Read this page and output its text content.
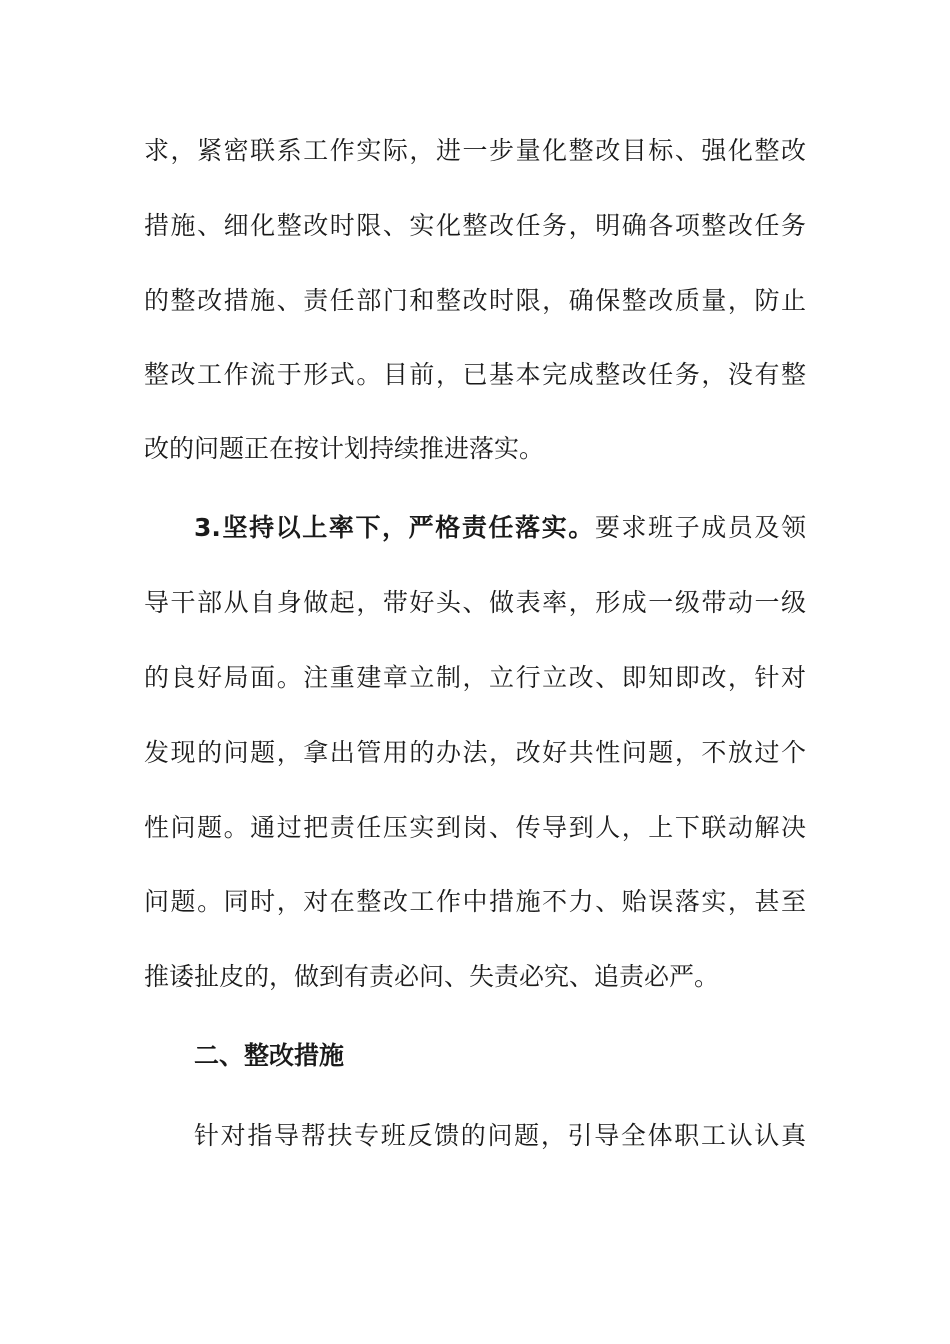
求，紧密联系工作实际，进一步量化整改目标、强化整改
措施、细化整改时限、实化整改任务，明确各项整改任务
的整改措施、责任部门和整改时限，确保整改质量，防止
整改工作流于形式。目前，已基本完成整改任务，没有整
改的问题正在按计划持续推进落实。
3.坚持以上率下，严格责任落实。要求班子成员及领
导干部从自身做起，带好头、做表率，形成一级带动一级
的良好局面。注重建章立制，立行立改、即知即改，针对
发现的问题，拿出管用的办法，改好共性问题，不放过个
性问题。通过把责任压实到岗、传导到人，上下联动解决
问题。同时，对在整改工作中措施不力、贻误落实，甚至
推诿扯皮的，做到有责必问、失责必究、追责必严。
二、整改措施
针对指导帮扶专班反馈的问题，引导全体职工认认真
